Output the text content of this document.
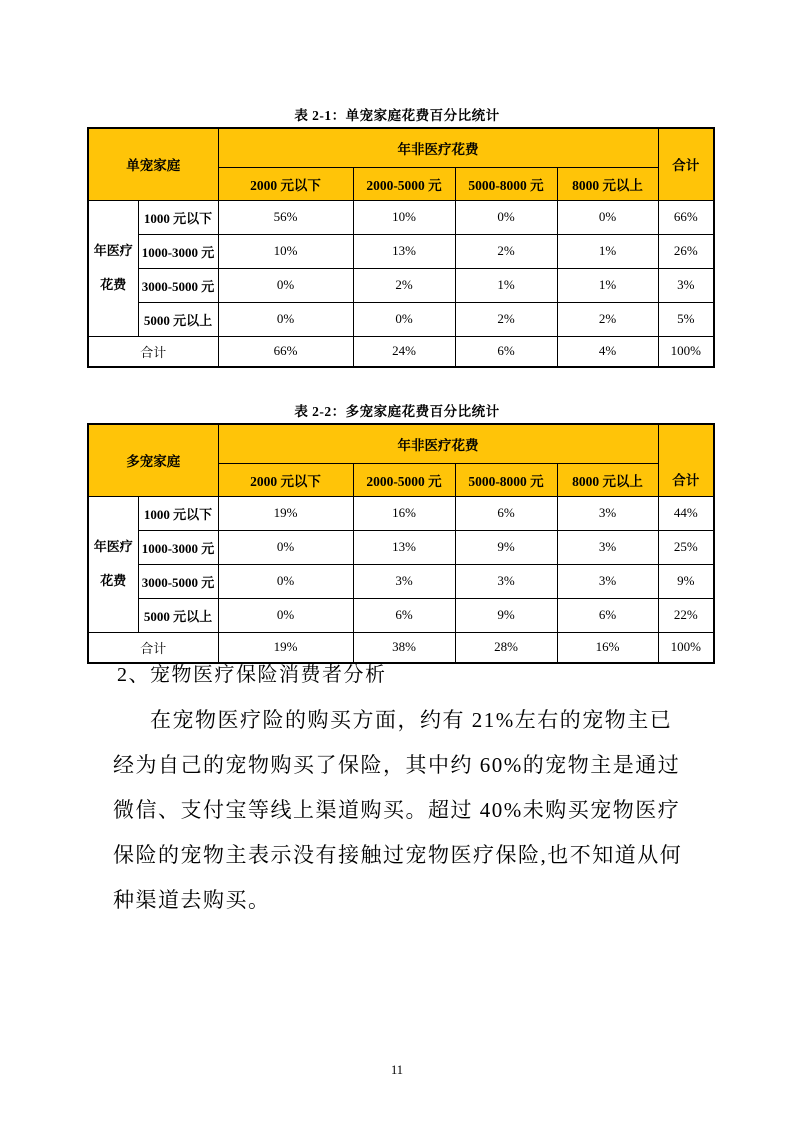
表 2-1：单宠家庭花费百分比统计
单宠家庭		年非医疗花费				合计
		2000 元以下	2000-5000 元	5000-8000 元	8000 元以上	

年医疗
花费	1000 元以下	56%	10%	0%	0%	66%
	1000-3000 元	10%	13%	2%	1%	26%
	3000-5000 元	0%	2%	1%	1%	3%
	5000 元以上	0%	0%	2%	2%	5%
合计		66%	24%	6%	4%	100%
表 2-2：多宠家庭花费百分比统计
多宠家庭		年非医疗花费				合计
		2000 元以下	2000-5000 元	5000-8000 元	8000 元以上	

年医疗
花费	1000 元以下	19%	16%	6%	3%	44%
	1000-3000 元	0%	13%	9%	3%	25%
	3000-5000 元	0%	3%	3%	3%	9%
	5000 元以上	0%	6%	9%	6%	22%
合计		19%	38%	28%	16%	100%
2、宠物医疗保险消费者分析
在宠物医疗险的购买方面，约有 21%左右的宠物主已
经为自己的宠物购买了保险，其中约 60%的宠物主是通过
微信、支付宝等线上渠道购买。超过 40%未购买宠物医疗
保险的宠物主表示没有接触过宠物医疗保险,也不知道从何
种渠道去购买。
11
